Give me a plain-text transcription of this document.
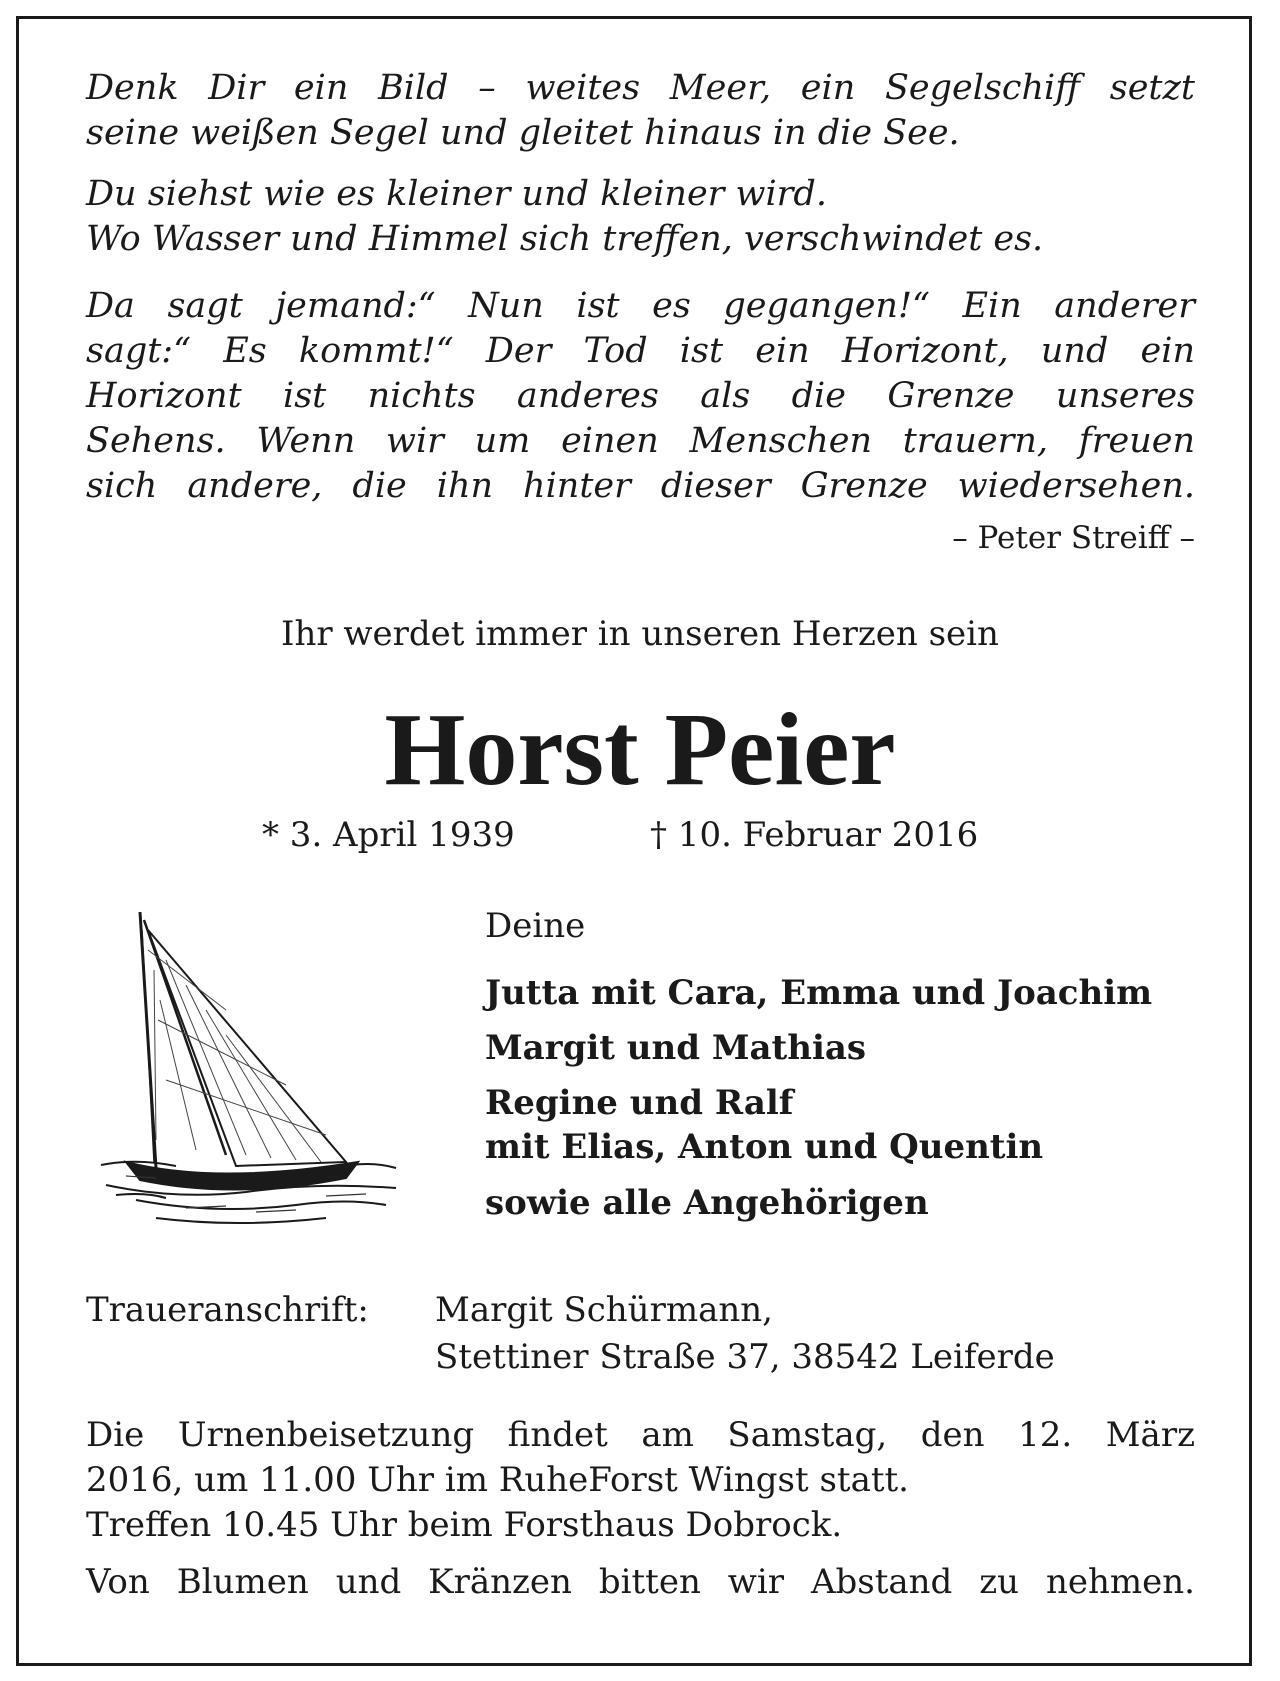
Denk Dir ein Bild – weites Meer, ein Segelschiff setzt
seine weißen Segel und gleitet hinaus in die See.
Du siehst wie es kleiner und kleiner wird.
Wo Wasser und Himmel sich treffen, verschwindet es.
Da sagt jemand:“ Nun ist es gegangen!“ Ein anderer
sagt:“ Es kommt!“ Der Tod ist ein Horizont, und ein
Horizont ist nichts anderes als die Grenze unseres
Sehens. Wenn wir um einen Menschen trauern, freuen
sich andere, die ihn hinter dieser Grenze wiedersehen.
– Peter Streiff –
Ihr werdet immer in unseren Herzen sein
Horst Peier
* 3. April 1939	† 10. Februar 2016
Deine
Jutta mit Cara, Emma und Joachim
Margit und Mathias
Regine und Ralf
mit Elias, Anton und Quentin
sowie alle Angehörigen
Traueranschrift: Margit Schürmann,
Stettiner Straße 37, 38542 Leiferde
Die Urnenbeisetzung findet am Samstag, den 12. März
2016, um 11.00 Uhr im RuheForst Wingst statt.
Treffen 10.45 Uhr beim Forsthaus Dobrock.
Von Blumen und Kränzen bitten wir Abstand zu nehmen.
